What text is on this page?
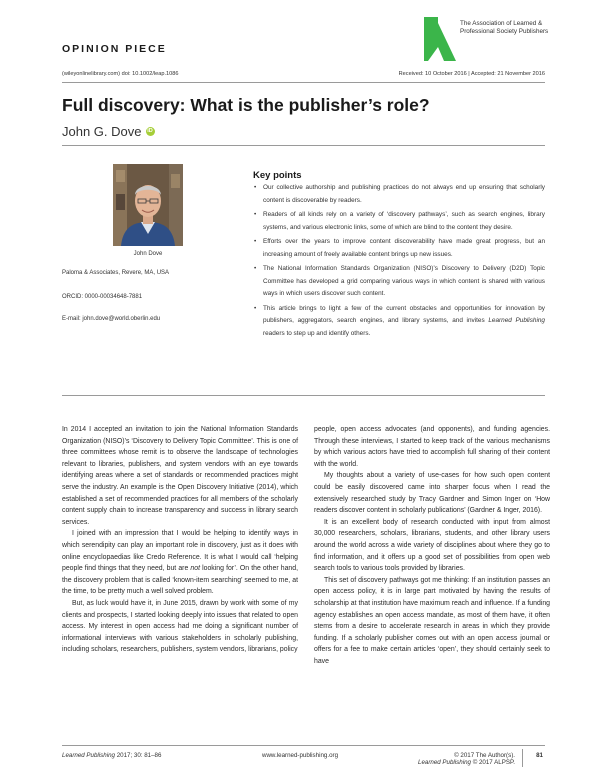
OPINION PIECE
The Association of Learned & Professional Society Publishers
(wileyonlinelibrary.com) doi: 10.1002/leap.1086	Received: 10 October 2016 | Accepted: 21 November 2016
Full discovery: What is the publisher’s role?
John G. Dove	iD
John Dove
Paloma & Associates, Revere, MA, USA
ORCID: 0000-00034648-7881
E-mail: john.dove@world.oberlin.edu
Key points
• Our collective authorship and publishing practices do not always end up ensuring that scholarly content is discoverable by readers.
• Readers of all kinds rely on a variety of ‘discovery pathways’, such as search engines, library systems, and various electronic links, some of which are blind to the content they desire.
• Efforts over the years to improve content discoverability have made great progress, but an increasing amount of freely available content brings up new issues.
• The National Information Standards Organization (NISO)’s Discovery to Delivery (D2D) Topic Committee has developed a grid comparing various ways in which content is shared with various ways in which users discover such content.
• This article brings to light a few of the current obstacles and opportunities for innovation by publishers, aggregators, search engines, and library systems, and invites Learned Publishing readers to step up and identify others.

In 2014 I accepted an invitation to join the National Information Standards Organization (NISO)’s ‘Discovery to Delivery Topic Committee’. This is one of three committees whose remit is to observe the landscape of technologies relevant to libraries, publishers, and system vendors with an eye towards identifying areas where a set of standards or recommended practices might serve the industry. An example is the Open Discovery Initiative (2014), which established a set of recommended practices for all members of the scholarly content supply chain to increase transparency and success in library search services.

I joined with an impression that I would be helping to identify ways in which serendipity can play an important role in discovery, just as it does with online encyclopaedias like Credo Reference. It is what I would call ‘helping people find things that they need, but are not looking for’. On the other hand, the discovery problem that is called ‘known-item searching’ seemed to me, at the time, to be pretty much a well solved problem.

But, as luck would have it, in June 2015, drawn by work with some of my clients and prospects, I started looking deeply into issues that related to open access. My interest in open access had me doing a significant number of informational interviews with various stakeholders in scholarly publishing, including scholars, researchers, publishers, system vendors, librarians, policy

people, open access advocates (and opponents), and funding agencies. Through these interviews, I started to keep track of the various mechanisms by which various actors have tried to accomplish full sharing of their content with the world.

My thoughts about a variety of use-cases for how such open content could be easily discovered came into sharper focus when I read the extensively researched study by Tracy Gardner and Simon Inger on ‘How readers discover content in scholarly publications’ (Gardner & Inger, 2016).

It is an excellent body of research conducted with input from almost 30,000 researchers, scholars, librarians, students, and other library users around the world across a wide variety of disciplines about where they go to find information, and it offers up a good set of possibilities from open web search tools to various tools provided by libraries.

This set of discovery pathways got me thinking: If an institution passes an open access policy, it is in large part motivated by having the results of scholarship at that institution have maximum reach and influence. If a funding agency establishes an open access mandate, as most of them have, it often stems from a desire to accelerate research in areas in which they provide funding. If a scholarly publisher comes out with an open access journal or offers for a fee to make certain articles ‘open’, they should certainly seek to have

Learned Publishing 2017; 30: 81–86	www.learned-publishing.org	© 2017 The Author(s).
Learned Publishing © 2017 ALPSP.
81
